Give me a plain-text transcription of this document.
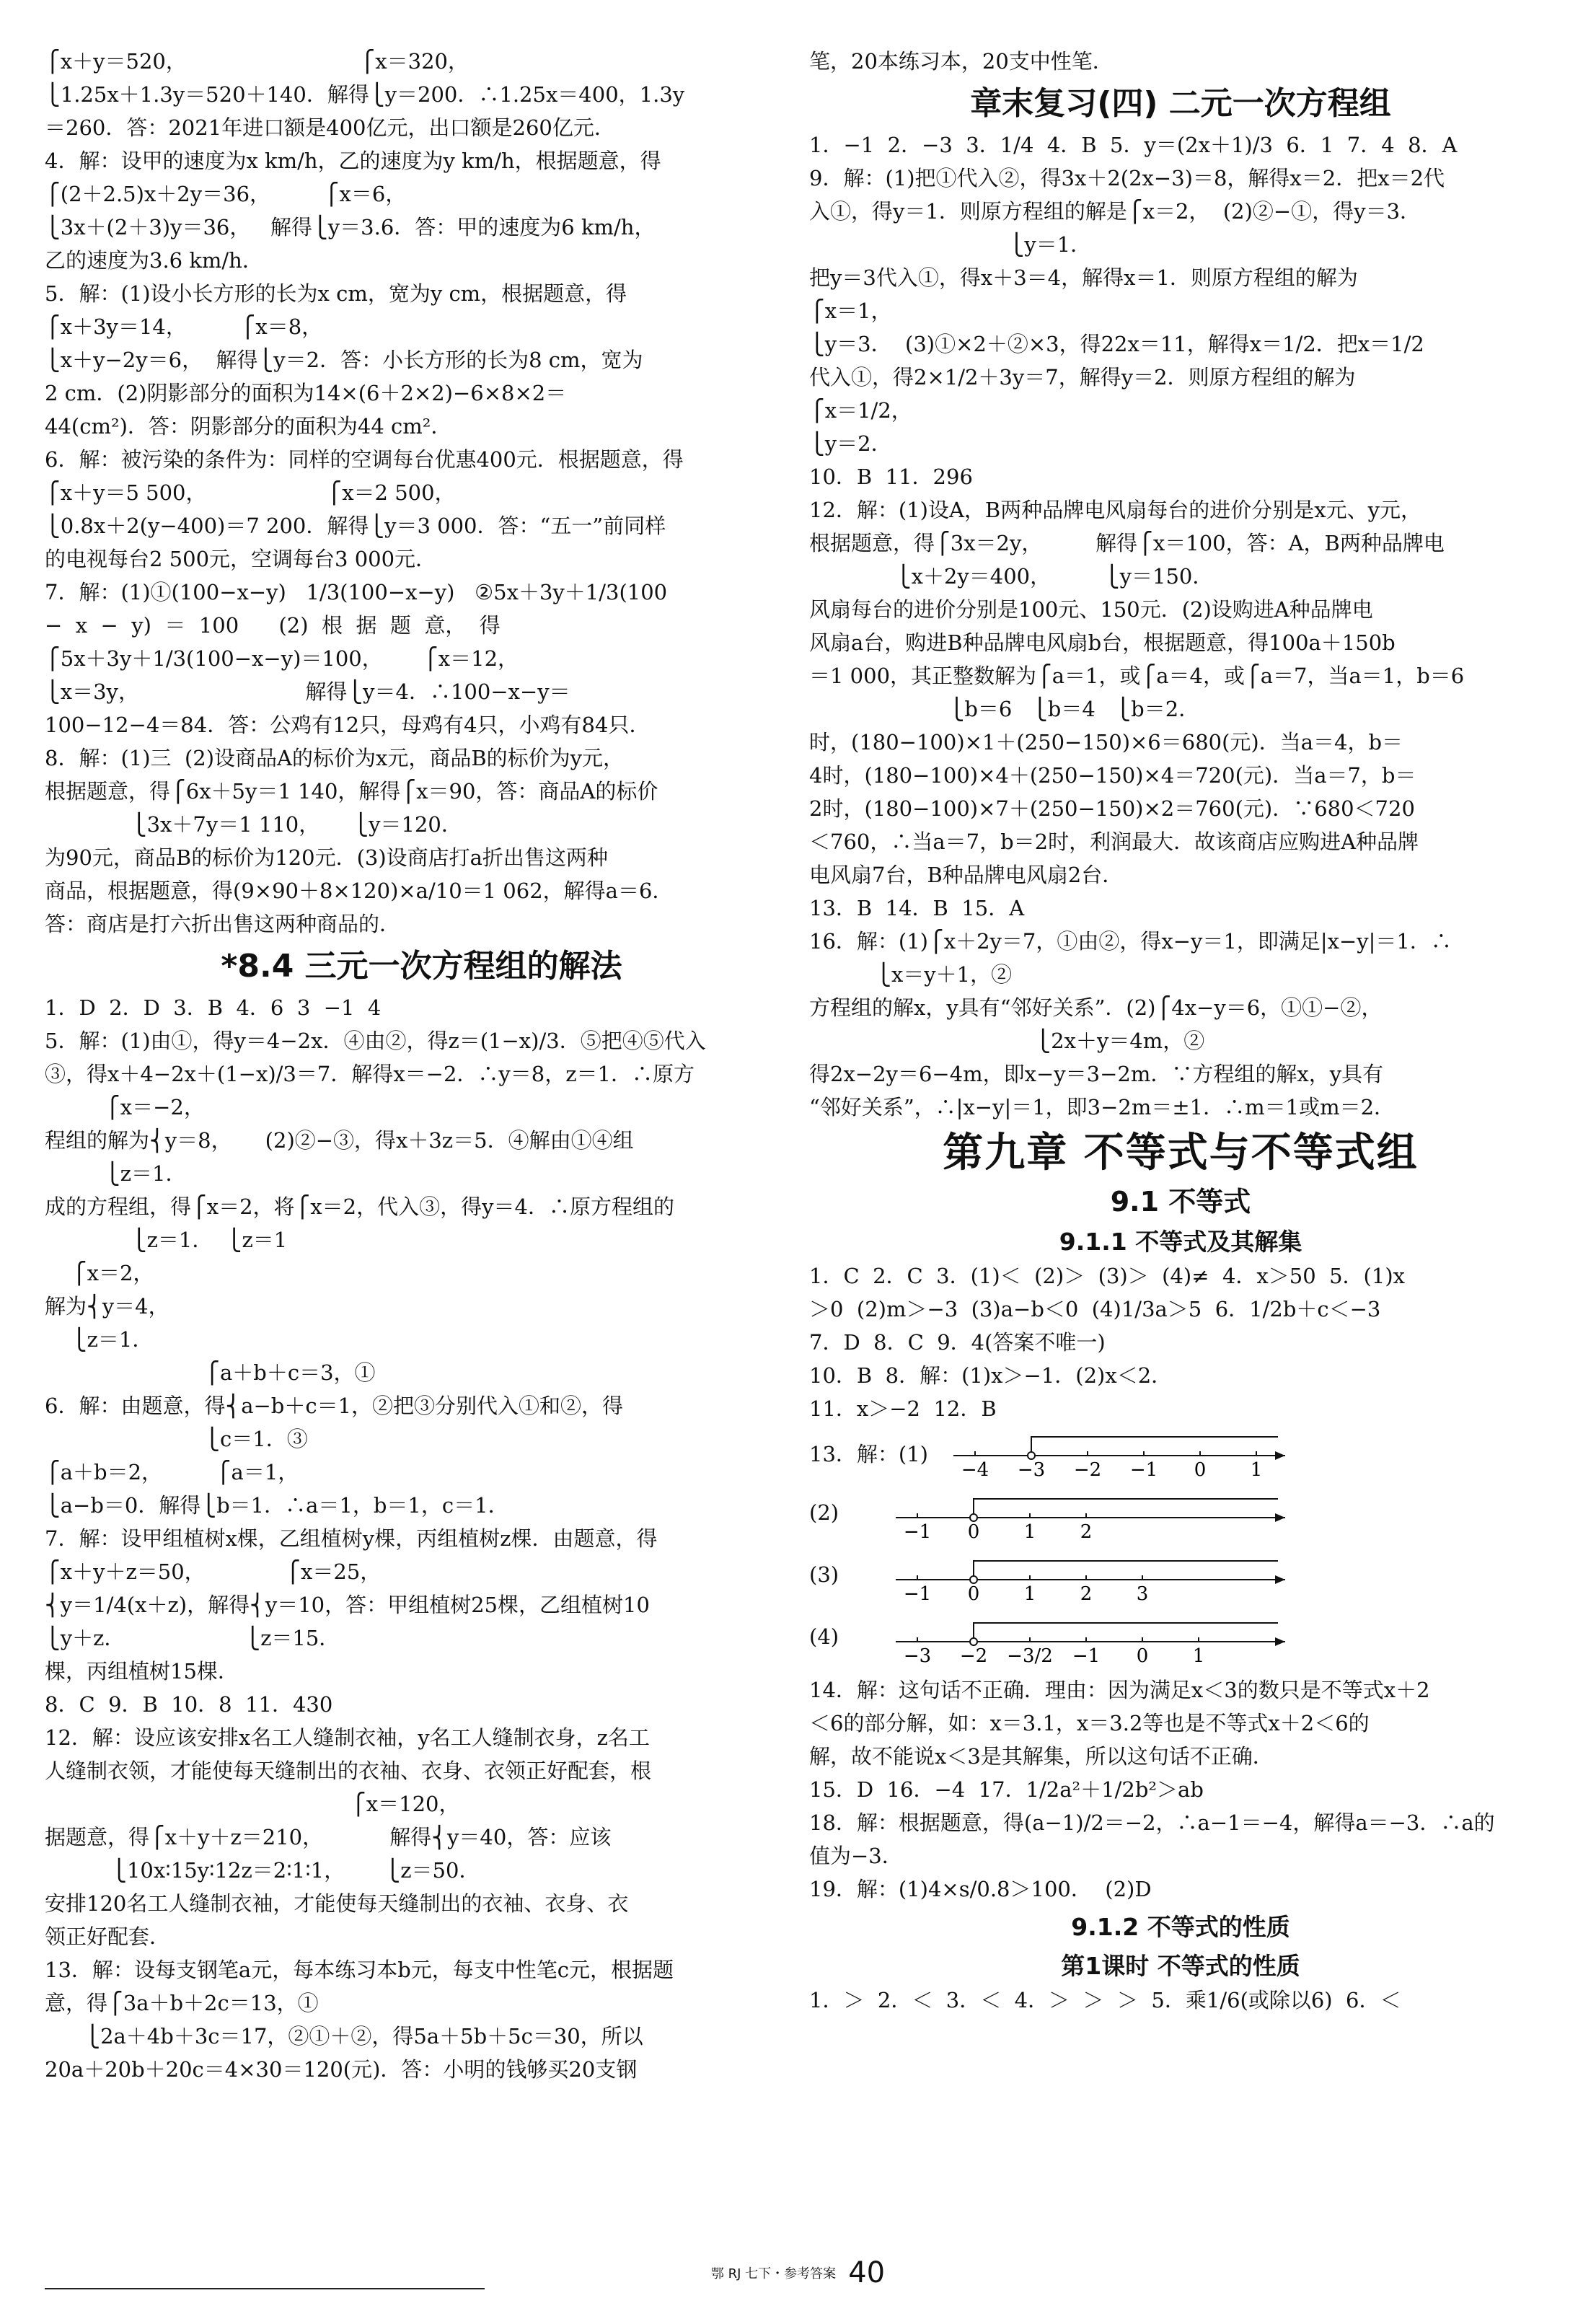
⎧x＋y＝520，                          ⎧x＝320，
⎩1.25x＋1.3y＝520＋140．解得⎩y＝200．∴1.25x＝400，1.3y
＝260．答：2021年进口额是400亿元，出口额是260亿元．
4．解：设甲的速度为x km/h，乙的速度为y km/h，根据题意，得
⎧(2＋2.5)x＋2y＝36，        ⎧x＝6，
⎩3x＋(2＋3)y＝36，   解得⎩y＝3.6．答：甲的速度为6 km/h，
乙的速度为3.6 km/h．
5．解：(1)设小长方形的长为x cm，宽为y cm，根据题意，得
⎧x＋3y＝14，        ⎧x＝8，
⎩x＋y−2y＝6，  解得⎩y＝2．答：小长方形的长为8 cm，宽为
2 cm．(2)阴影部分的面积为14×(6＋2×2)−6×8×2＝
44(cm²)．答：阴影部分的面积为44 cm²．
6．解：被污染的条件为：同样的空调每台优惠400元．根据题意，得
⎧x＋y＝5 500，                  ⎧x＝2 500，
⎩0.8x＋2(y−400)＝7 200．解得⎩y＝3 000．答：“五一”前同样
的电视每台2 500元，空调每台3 000元．
7．解：(1)①(100−x−y)   1/3(100−x−y)   ②5x＋3y＋1/3(100
−  x  −  y)  ＝  100      (2)  根  据  题  意，  得
⎧5x＋3y＋1/3(100−x−y)＝100，      ⎧x＝12，
⎩x＝3y，                         解得⎩y＝4．∴100−x−y＝
100−12−4＝84．答：公鸡有12只，母鸡有4只，小鸡有84只．
8．解：(1)三  (2)设商品A的标价为x元，商品B的标价为y元，
根据题意，得⎧6x＋5y＝1 140，解得⎧x＝90，答：商品A的标价
⎩3x＋7y＝1 110，     ⎩y＝120．
为90元，商品B的标价为120元．(3)设商店打a折出售这两种
商品，根据题意，得(9×90＋8×120)×a/10＝1 062，解得a＝6．
答：商店是打六折出售这两种商品的．
*8.4 三元一次方程组的解法
1．D  2．D  3．B  4．6  3  −1  4
5．解：(1)由①，得y＝4−2x．④由②，得z＝(1−x)/3．⑤把④⑤代入
③，得x＋4−2x＋(1−x)/3＝7．解得x＝−2．∴y＝8，z＝1．∴原方
⎧x＝−2，
程组的解为⎨y＝8，     (2)②−③，得x＋3z＝5．④解由①④组
⎩z＝1．
成的方程组，得⎧x＝2，将⎧x＝2，代入③，得y＝4．∴原方程组的
⎩z＝1．  ⎩z＝1
⎧x＝2，
解为⎨y＝4，
⎩z＝1．
⎧a＋b＋c＝3，①
6．解：由题意，得⎨a−b＋c＝1，②把③分别代入①和②，得
⎩c＝1．③
⎧a＋b＝2，        ⎧a＝1，
⎩a−b＝0．解得⎩b＝1．∴a＝1，b＝1，c＝1．
7．解：设甲组植树x棵，乙组植树y棵，丙组植树z棵．由题意，得
⎧x＋y＋z＝50，            ⎧x＝25，
⎨y＝1/4(x＋z)，解得⎨y＝10，答：甲组植树25棵，乙组植树10
⎩y＋z．                  ⎩z＝15．
棵，丙组植树15棵．
8．C  9．B  10．8  11．430
12．解：设应该安排x名工人缝制衣袖，y名工人缝制衣身，z名工
人缝制衣领，才能使每天缝制出的衣袖、衣身、衣领正好配套，根
⎧x＝120，
据题意，得⎧x＋y＋z＝210，          解得⎨y＝40，答：应该
⎩10x∶15y∶12z＝2∶1∶1，      ⎩z＝50．
安排120名工人缝制衣袖，才能使每天缝制出的衣袖、衣身、衣
领正好配套．
13．解：设每支钢笔a元，每本练习本b元，每支中性笔c元，根据题
意，得⎧3a＋b＋2c＝13，①
⎩2a＋4b＋3c＝17，②①＋②，得5a＋5b＋5c＝30，所以
20a＋20b＋20c＝4×30＝120(元)．答：小明的钱够买20支钢
笔，20本练习本，20支中性笔．
章末复习(四) 二元一次方程组
1．−1  2．−3  3．1/4  4．B  5．y＝(2x＋1)/3  6．1  7．4  8．A
9．解：(1)把①代入②，得3x＋2(2x−3)＝8，解得x＝2．把x＝2代
入①，得y＝1．则原方程组的解是⎧x＝2，  (2)②−①，得y＝3．
⎩y＝1．
把y＝3代入①，得x＋3＝4，解得x＝1．则原方程组的解为
⎧x＝1，
⎩y＝3．  (3)①×2＋②×3，得22x＝11，解得x＝1/2．把x＝1/2
代入①，得2×1/2＋3y＝7，解得y＝2．则原方程组的解为
⎧x＝1/2，
⎩y＝2．
10．B  11．296
12．解：(1)设A，B两种品牌电风扇每台的进价分别是x元、y元，
根据题意，得⎧3x＝2y，        解得⎧x＝100，答：A，B两种品牌电
⎩x＋2y＝400，        ⎩y＝150．
风扇每台的进价分别是100元、150元．(2)设购进A种品牌电
风扇a台，购进B种品牌电风扇b台，根据题意，得100a＋150b
＝1 000，其正整数解为⎧a＝1，或⎧a＝4，或⎧a＝7，当a＝1，b＝6
⎩b＝6   ⎩b＝4   ⎩b＝2．
时，(180−100)×1＋(250−150)×6＝680(元)．当a＝4，b＝
4时，(180−100)×4＋(250−150)×4＝720(元)．当a＝7，b＝
2时，(180−100)×7＋(250−150)×2＝760(元)．∵680＜720
＜760，∴当a＝7，b＝2时，利润最大．故该商店应购进A种品牌
电风扇7台，B种品牌电风扇2台．
13．B  14．B  15．A
16．解：(1)⎧x＋2y＝7，①由②，得x−y＝1，即满足|x−y|＝1．∴
⎩x＝y＋1，②
方程组的解x，y具有“邻好关系”．(2)⎧4x−y＝6，①①−②，
⎩2x＋y＝4m，②
得2x−2y＝6−4m，即x−y＝3−2m．∵方程组的解x，y具有
“邻好关系”，∴|x−y|＝1，即3−2m＝±1．∴m＝1或m＝2．
第九章 不等式与不等式组
9.1 不等式
9.1.1 不等式及其解集
1．C  2．C  3．(1)＜  (2)＞  (3)＞  (4)≠  4．x＞50  5．(1)x
＞0  (2)m＞−3  (3)a−b＜0  (4)1/3a＞5  6．1/2b＋c＜−3
7．D  8．C  9．4(答案不唯一)
10．B  8．解：(1)x＞−1．(2)x＜2．
11．x＞−2  12．B
13．解：(1)
−4 −3 −2 −1 0 1
(2)
−1 0 1 2
(3)
−1 0 1 2 3
(4)
−3 −2 −3/2 −1 0 1
14．解：这句话不正确．理由：因为满足x＜3的数只是不等式x＋2
＜6的部分解，如：x＝3.1，x＝3.2等也是不等式x＋2＜6的
解，故不能说x＜3是其解集，所以这句话不正确．
15．D  16．−4  17．1/2a²＋1/2b²＞ab
18．解：根据题意，得(a−1)/2＝−2，∴a−1＝−4，解得a＝−3．∴a的
值为−3．
19．解：(1)4×s/0.8＞100．  (2)D
9.1.2 不等式的性质
第1课时 不等式的性质
1．＞  2．＜  3．＜  4．＞  ＞  ＞  5．乘1/6(或除以6)  6．＜
鄂 RJ 七下・参考答案 40
